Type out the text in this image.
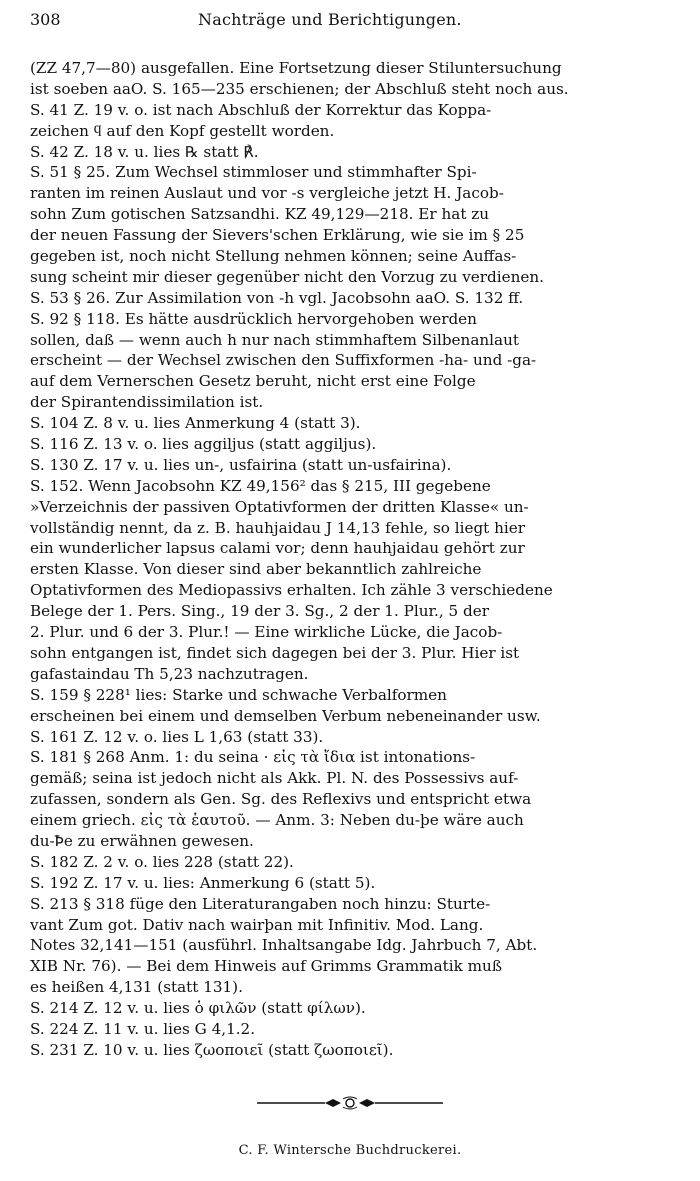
308	Nachträge und Berichtigungen.
(ZZ 47,7—80) ausgefallen. Eine Fortsetzung dieser Stiluntersuchung
ist soeben aaO. S. 165—235 erschienen; der Abschluß steht noch aus.
S. 41 Z. 19 v. o. ist nach Abschluß der Korrektur das Koppa-
zeichen ϥ auf den Kopf gestellt worden.
S. 42 Z. 18 v. u. lies ℞ statt ℟.
S. 51 § 25. Zum Wechsel stimmloser und stimmhafter Spi-
ranten im reinen Auslaut und vor -s vergleiche jetzt H. Jacob-
sohn Zum gotischen Satzsandhi. KZ 49,129—218. Er hat zu
der neuen Fassung der Sievers'schen Erklärung, wie sie im § 25
gegeben ist, noch nicht Stellung nehmen können; seine Auffas-
sung scheint mir dieser gegenüber nicht den Vorzug zu verdienen.
S. 53 § 26. Zur Assimilation von -h vgl. Jacobsohn aaO. S. 132 ff.
S. 92 § 118. Es hätte ausdrücklich hervorgehoben werden
sollen, daß — wenn auch h nur nach stimmhaftem Silbenanlaut
erscheint — der Wechsel zwischen den Suffixformen -ha- und -ga-
auf dem Vernerschen Gesetz beruht, nicht erst eine Folge
der Spirantendissimilation ist.
S. 104 Z. 8 v. u. lies Anmerkung 4 (statt 3).
S. 116 Z. 13 v. o. lies aggiljus (statt aggiljus).
S. 130 Z. 17 v. u. lies un-, usfairina (statt un-usfairina).
S. 152. Wenn Jacobsohn KZ 49,156² das § 215, III gegebene
»Verzeichnis der passiven Optativformen der dritten Klasse« un-
vollständig nennt, da z. B. hauhjaidau J 14,13 fehle, so liegt hier
ein wunderlicher lapsus calami vor; denn hauhjaidau gehört zur
ersten Klasse. Von dieser sind aber bekanntlich zahlreiche
Optativformen des Mediopassivs erhalten. Ich zähle 3 verschiedene
Belege der 1. Pers. Sing., 19 der 3. Sg., 2 der 1. Plur., 5 der
2. Plur. und 6 der 3. Plur.! — Eine wirkliche Lücke, die Jacob-
sohn entgangen ist, findet sich dagegen bei der 3. Plur. Hier ist
gafastaindau Th 5,23 nachzutragen.
S. 159 § 228¹ lies: Starke und schwache Verbalformen
erscheinen bei einem und demselben Verbum nebeneinander usw.
S. 161 Z. 12 v. o. lies L 1,63 (statt 33).
S. 181 § 268 Anm. 1: du seina · εἰς τὰ ἴδια ist intonations-
gemäß; seina ist jedoch nicht als Akk. Pl. N. des Possessivs auf-
zufassen, sondern als Gen. Sg. des Reflexivs und entspricht etwa
einem griech. εἰς τὰ ἑαυτοῦ. — Anm. 3: Neben du-þe wäre auch
du-Ꝥe zu erwähnen gewesen.
S. 182 Z. 2 v. o. lies 228 (statt 22).
S. 192 Z. 17 v. u. lies: Anmerkung 6 (statt 5).
S. 213 § 318 füge den Literaturangaben noch hinzu: Sturte-
vant Zum got. Dativ nach wairþan mit Infinitiv. Mod. Lang.
Notes 32,141—151 (ausführl. Inhaltsangabe Idg. Jahrbuch 7, Abt.
XIB Nr. 76). — Bei dem Hinweis auf Grimms Grammatik muß
es heißen 4,131 (statt 131).
S. 214 Z. 12 v. u. lies ὁ φιλῶν (statt φίλων).
S. 224 Z. 11 v. u. lies G 4,1.2.
S. 231 Z. 10 v. u. lies ζωοποιεῖ (statt ζωοποιεῖ).
C. F. Wintersche Buchdruckerei.
